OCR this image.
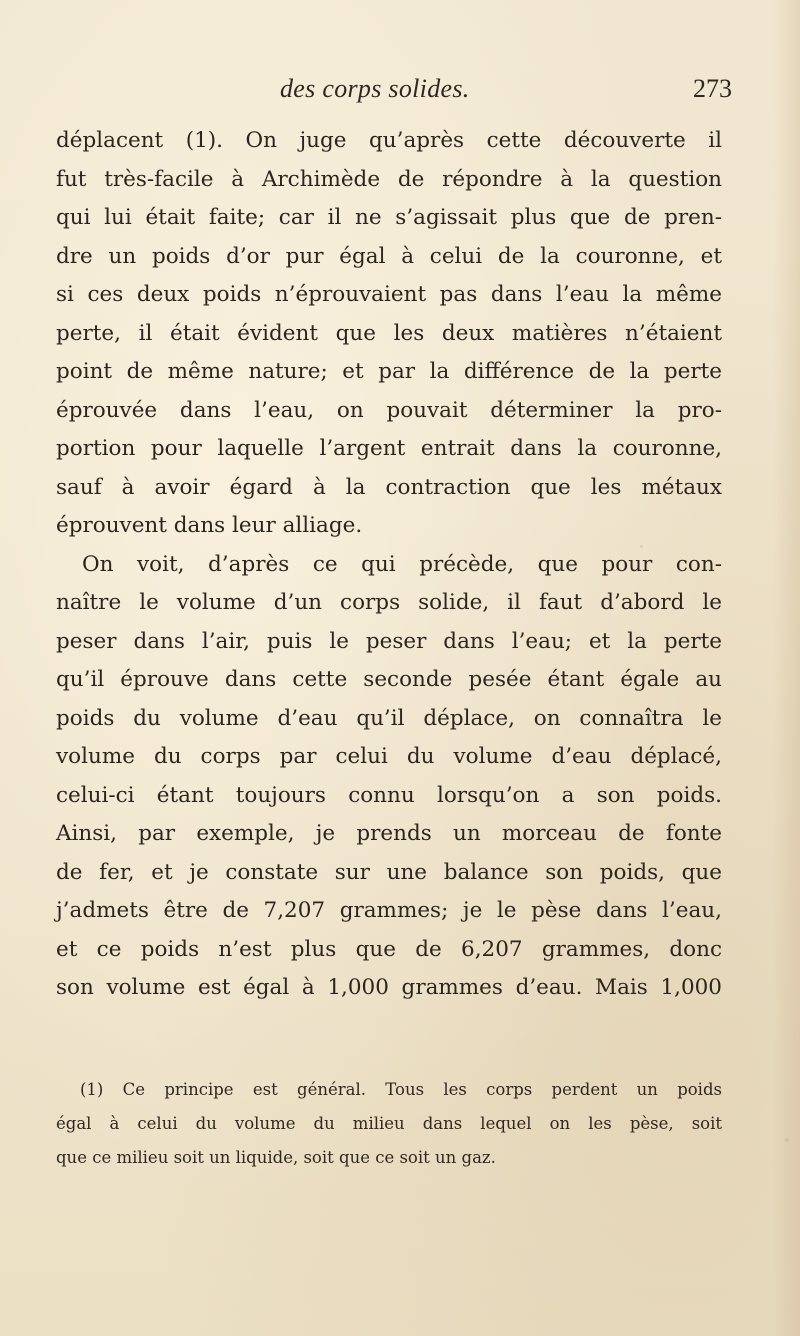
des corps solides.	273
déplacent (1). On juge qu’après cette découverte il
fut très-facile à Archimède de répondre à la question
qui lui était faite; car il ne s’agissait plus que de pren-
dre un poids d’or pur égal à celui de la couronne, et
si ces deux poids n’éprouvaient pas dans l’eau la même
perte, il était évident que les deux matières n’étaient
point de même nature; et par la différence de la perte
éprouvée dans l’eau, on pouvait déterminer la pro-
portion pour laquelle l’argent entrait dans la couronne,
sauf à avoir égard à la contraction que les métaux
éprouvent dans leur alliage.
On voit, d’après ce qui précède, que pour con-
naître le volume d’un corps solide, il faut d’abord le
peser dans l’air, puis le peser dans l’eau; et la perte
qu’il éprouve dans cette seconde pesée étant égale au
poids du volume d’eau qu’il déplace, on connaîtra le
volume du corps par celui du volume d’eau déplacé,
celui-ci étant toujours connu lorsqu’on a son poids.
Ainsi, par exemple, je prends un morceau de fonte
de fer, et je constate sur une balance son poids, que
j’admets être de 7,207 grammes; je le pèse dans l’eau,
et ce poids n’est plus que de 6,207 grammes, donc
son volume est égal à 1,000 grammes d’eau. Mais 1,000
(1) Ce principe est général. Tous les corps perdent un poids
égal à celui du volume du milieu dans lequel on les pèse, soit
que ce milieu soit un liquide, soit que ce soit un gaz.
